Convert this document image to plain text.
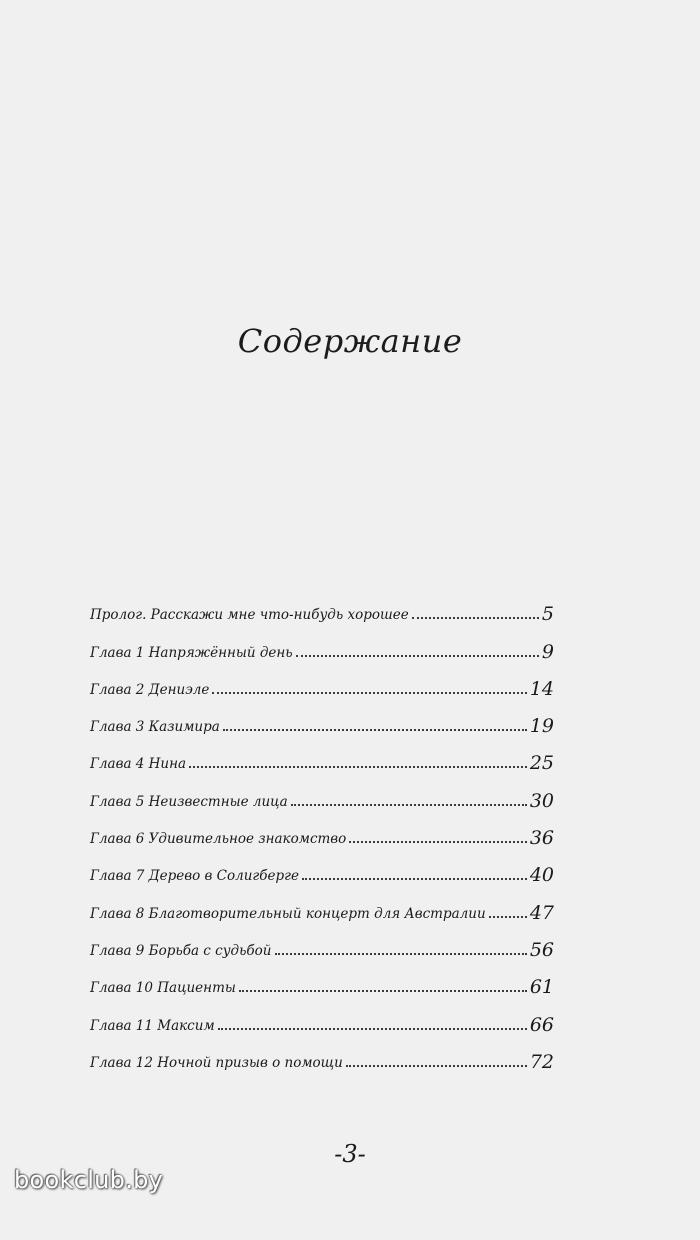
Содержание
Пролог. Расскажи мне что-нибудь хорошее	5
Глава 1 Напряжённый день	9
Глава 2 Дениэле	14
Глава 3 Казимира	19
Глава 4 Нина	25
Глава 5 Неизвестные лица	30
Глава 6 Удивительное знакомство	36
Глава 7 Дерево в Солигберге	40
Глава 8 Благотворительный концерт для Австралии 47
Глава 9 Борьба с судьбой	56
Глава 10 Пациенты	61
Глава 11 Максим	66
Глава 12 Ночной призыв о помощи	72
-3-
bookclub.by
